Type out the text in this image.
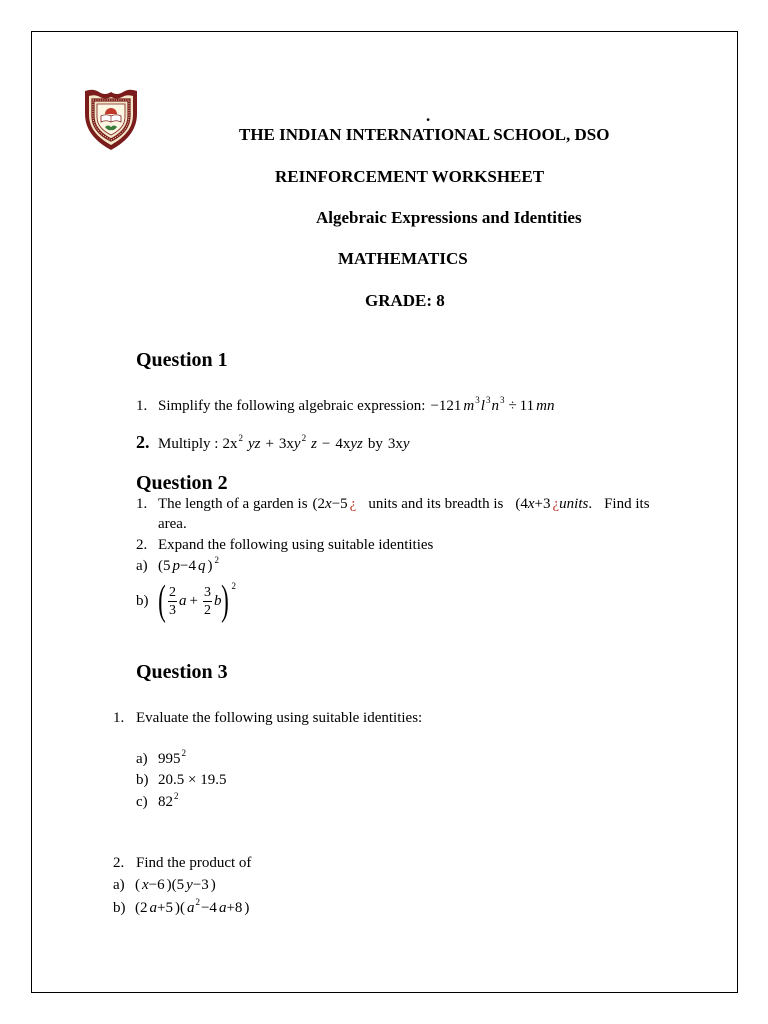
.
THE INDIAN INTERNATIONAL SCHOOL, DSO
REINFORCEMENT WORKSHEET
Algebraic Expressions and Identities
MATHEMATICS
GRADE: 8
Question 1
1. Simplify the following algebraic expression: −121 m 3 l 3 n 3 ÷ 11 mn
2. Multiply : 2x 2 yz + 3x y 2 z − 4x yz by 3x y
Question 2
1. The length of a garden is (2 x −5 ¿ units and its breadth is (4 x +3 ¿ units . Find its
area.
2. Expand the following using suitable identities
a) (5 p −4 q ) 2
b) ( $\frac{2}{3}$ $a + \frac{3}{2}$ b ) 2
Question 3
1. Evaluate the following using suitable identities:
a) 995 2
b) 20.5 × 19.5
c) 82 2
2. Find the product of
a) ( x −6 )(5 y −3 )
b) (2 a +5 )( a 2 −4 a +8 )
